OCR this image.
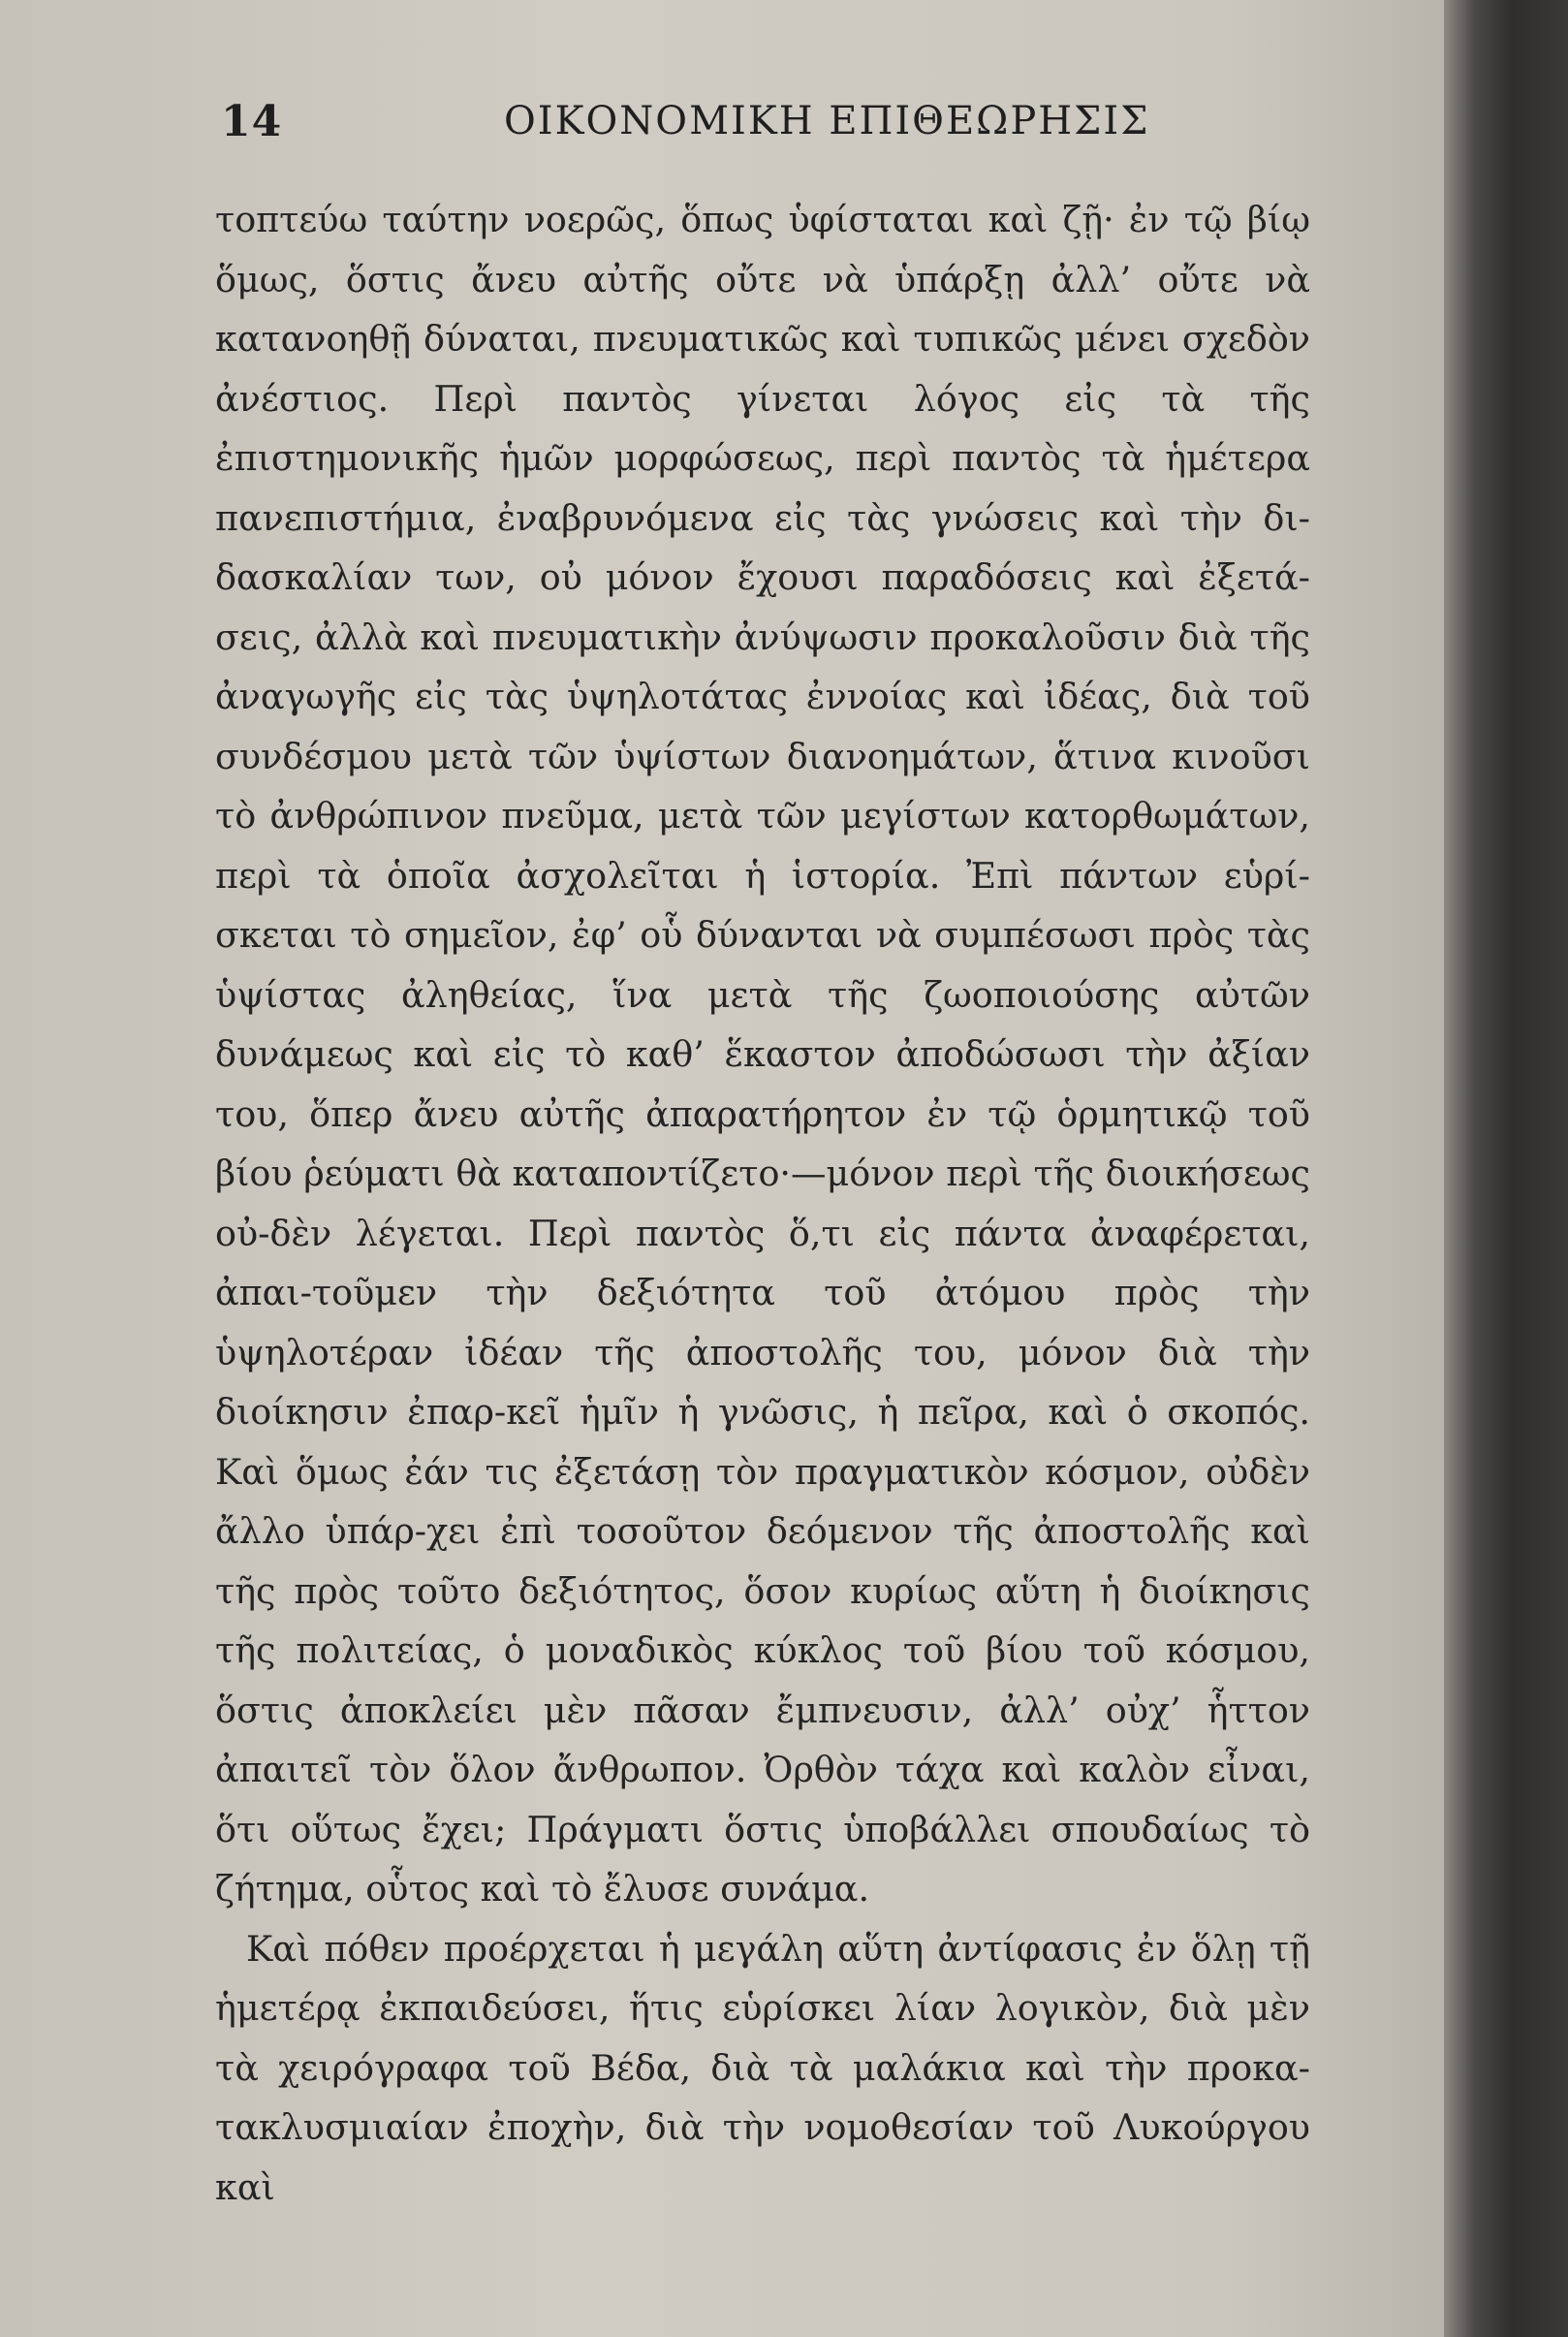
14	ΟΙΚΟΝΟΜΙΚΗ ΕΠΙΘΕΩΡΗΣΙΣ

τοπτεύω ταύτην νοερῶς, ὅπως ὑφίσταται καὶ ζῇ· ἐν τῷ βίῳ ὅμως, ὅστις ἄνευ αὐτῆς οὔτε νὰ ὑπάρξῃ ἀλλ’ οὔτε νὰ κατανοηθῇ δύναται, πνευματικῶς καὶ τυπικῶς μένει σχεδὸν ἀνέστιος. Περὶ παντὸς γίνεται λόγος εἰς τὰ τῆς ἐπιστημονικῆς ἡμῶν μορφώσεως, περὶ παντὸς τὰ ἡμέτερα πανεπιστήμια, ἐναβρυνόμενα εἰς τὰς γνώσεις καὶ τὴν δι-δασκαλίαν των, οὐ μόνον ἔχουσι παραδόσεις καὶ ἐξετά-σεις, ἀλλὰ καὶ πνευματικὴν ἀνύψωσιν προκαλοῦσιν διὰ τῆς ἀναγωγῆς εἰς τὰς ὑψηλοτάτας ἐννοίας καὶ ἰδέας, διὰ τοῦ συνδέσμου μετὰ τῶν ὑψίστων διανοημάτων, ἅτινα κινοῦσι τὸ ἀνθρώπινον πνεῦμα, μετὰ τῶν μεγίστων κατορθωμάτων, περὶ τὰ ὁποῖα ἀσχολεῖται ἡ ἱστορία. Ἐπὶ πάντων εὑρί-σκεται τὸ σημεῖον, ἐφ’ οὗ δύνανται νὰ συμπέσωσι πρὸς τὰς ὑψίστας ἀληθείας, ἵνα μετὰ τῆς ζωοποιούσης αὐτῶν δυνάμεως καὶ εἰς τὸ καθ’ ἕκαστον ἀποδώσωσι τὴν ἀξίαν του, ὅπερ ἄνευ αὐτῆς ἀπαρατήρητον ἐν τῷ ὁρμητικῷ τοῦ βίου ῥεύματι θὰ καταποντίζετο·—μόνον περὶ τῆς διοικήσεως οὐ-δὲν λέγεται. Περὶ παντὸς ὅ,τι εἰς πάντα ἀναφέρεται, ἀπαι-τοῦμεν τὴν δεξιότητα τοῦ ἀτόμου πρὸς τὴν ὑψηλοτέραν ἰδέαν τῆς ἀποστολῆς του, μόνον διὰ τὴν διοίκησιν ἐπαρ-κεῖ ἡμῖν ἡ γνῶσις, ἡ πεῖρα, καὶ ὁ σκοπός. Καὶ ὅμως ἐάν τις ἐξετάσῃ τὸν πραγματικὸν κόσμον, οὐδὲν ἄλλο ὑπάρ-χει ἐπὶ τοσοῦτον δεόμενον τῆς ἀποστολῆς καὶ τῆς πρὸς τοῦτο δεξιότητος, ὅσον κυρίως αὕτη ἡ διοίκησις τῆς πολιτείας, ὁ μοναδικὸς κύκλος τοῦ βίου τοῦ κόσμου, ὅστις ἀποκλείει μὲν πᾶσαν ἔμπνευσιν, ἀλλ’ οὐχ’ ἧττον ἀπαιτεῖ τὸν ὅλον ἄνθρωπον. Ὀρθὸν τάχα καὶ καλὸν εἶναι, ὅτι οὕτως ἔχει; Πράγματι ὅστις ὑποβάλλει σπουδαίως τὸ ζήτημα, οὗτος καὶ τὸ ἔλυσε συνάμα.

Καὶ πόθεν προέρχεται ἡ μεγάλη αὕτη ἀντίφασις ἐν ὅλῃ τῇ ἡμετέρᾳ ἐκπαιδεύσει, ἥτις εὑρίσκει λίαν λογικὸν, διὰ μὲν τὰ χειρόγραφα τοῦ Βέδα, διὰ τὰ μαλάκια καὶ τὴν προκα-τακλυσμιαίαν ἐποχὴν, διὰ τὴν νομοθεσίαν τοῦ Λυκούργου καὶ
